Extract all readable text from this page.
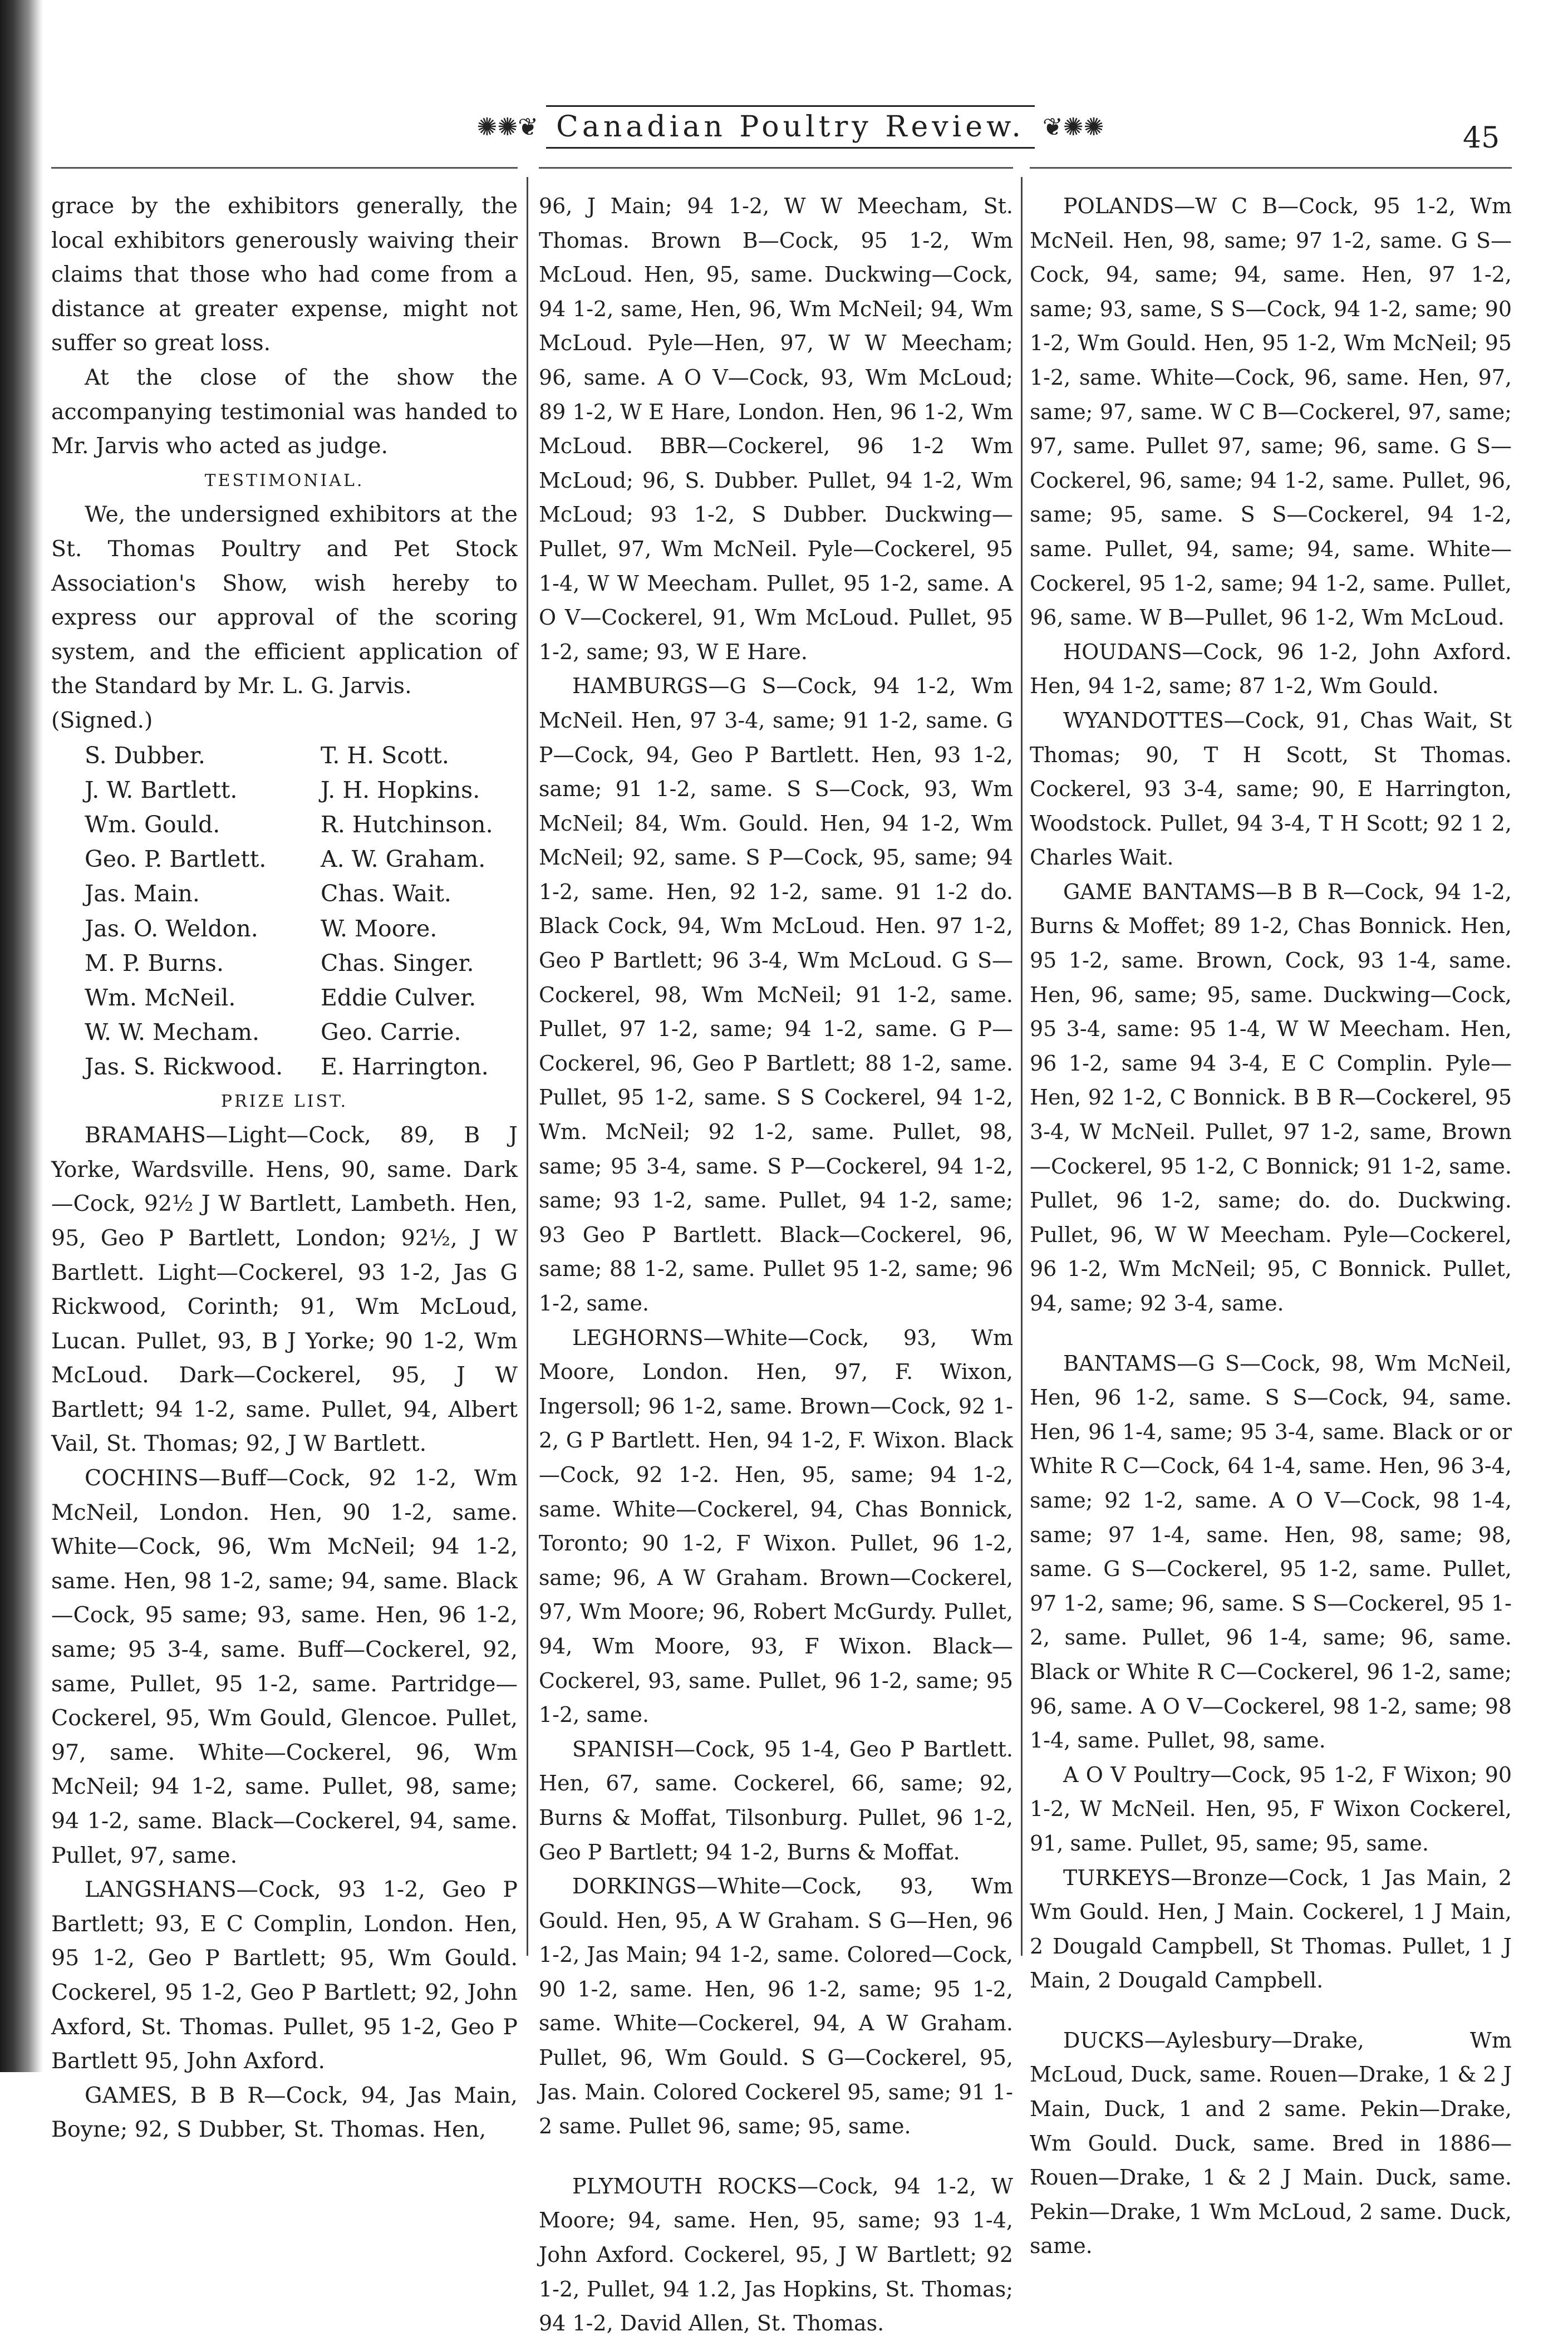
✺✺❦ Canadian Poultry Review. ❦✺✺	45

grace by the exhibitors generally, the local exhibitors generously waiving their claims that those who had come from a distance at greater expense, might not suffer so great loss.

At the close of the show the accompanying testimonial was handed to Mr. Jarvis who acted as judge.

TESTIMONIAL.

We, the undersigned exhibitors at the St. Thomas Poultry and Pet Stock Association's Show, wish hereby to express our approval of the scoring system, and the efficient application of the Standard by Mr. L. G. Jarvis.

(Signed.)

S. Dubber.	T. H. Scott.
J. W. Bartlett.	J. H. Hopkins.
Wm. Gould.	R. Hutchinson.
Geo. P. Bartlett.	A. W. Graham.
Jas. Main.	Chas. Wait.
Jas. O. Weldon.	W. Moore.
M. P. Burns.	Chas. Singer.
Wm. McNeil.	Eddie Culver.
W. W. Mecham.	Geo. Carrie.
Jas. S. Rickwood.	E. Harrington.

PRIZE LIST.

BRAMAHS—Light—Cock, 89, B J Yorke, Wardsville. Hens, 90, same. Dark—Cock, 92½ J W Bartlett, Lambeth. Hen, 95, Geo P Bartlett, London; 92½, J W Bartlett. Light—Cockerel, 93 1-2, Jas G Rickwood, Corinth; 91, Wm McLoud, Lucan. Pullet, 93, B J Yorke; 90 1-2, Wm McLoud. Dark—Cockerel, 95, J W Bartlett; 94 1-2, same. Pullet, 94, Albert Vail, St. Thomas; 92, J W Bartlett.

COCHINS—Buff—Cock, 92 1-2, Wm McNeil, London. Hen, 90 1-2, same. White—Cock, 96, Wm McNeil; 94 1-2, same. Hen, 98 1-2, same; 94, same. Black—Cock, 95 same; 93, same. Hen, 96 1-2, same; 95 3-4, same. Buff—Cockerel, 92, same, Pullet, 95 1-2, same. Partridge—Cockerel, 95, Wm Gould, Glencoe. Pullet, 97, same. White—Cockerel, 96, Wm McNeil; 94 1-2, same. Pullet, 98, same; 94 1-2, same. Black—Cockerel, 94, same. Pullet, 97, same.

LANGSHANS—Cock, 93 1-2, Geo P Bartlett; 93, E C Complin, London. Hen, 95 1-2, Geo P Bartlett; 95, Wm Gould. Cockerel, 95 1-2, Geo P Bartlett; 92, John Axford, St. Thomas. Pullet, 95 1-2, Geo P Bartlett 95, John Axford.

GAMES, B B R—Cock, 94, Jas Main, Boyne; 92, S Dubber, St. Thomas. Hen,

96, J Main; 94 1-2, W W Meecham, St. Thomas. Brown B—Cock, 95 1-2, Wm McLoud. Hen, 95, same. Duckwing—Cock, 94 1-2, same, Hen, 96, Wm McNeil; 94, Wm McLoud. Pyle—Hen, 97, W W Meecham; 96, same. A O V—Cock, 93, Wm McLoud; 89 1-2, W E Hare, London. Hen, 96 1-2, Wm McLoud. BBR—Cockerel, 96 1-2 Wm McLoud; 96, S. Dubber. Pullet, 94 1-2, Wm McLoud; 93 1-2, S Dubber. Duckwing—Pullet, 97, Wm McNeil. Pyle—Cockerel, 95 1-4, W W Meecham. Pullet, 95 1-2, same. A O V—Cockerel, 91, Wm McLoud. Pullet, 95 1-2, same; 93, W E Hare.

HAMBURGS—G S—Cock, 94 1-2, Wm McNeil. Hen, 97 3-4, same; 91 1-2, same. G P—Cock, 94, Geo P Bartlett. Hen, 93 1-2, same; 91 1-2, same. S S—Cock, 93, Wm McNeil; 84, Wm. Gould. Hen, 94 1-2, Wm McNeil; 92, same. S P—Cock, 95, same; 94 1-2, same. Hen, 92 1-2, same. 91 1-2 do. Black Cock, 94, Wm McLoud. Hen. 97 1-2, Geo P Bartlett; 96 3-4, Wm McLoud. G S—Cockerel, 98, Wm McNeil; 91 1-2, same. Pullet, 97 1-2, same; 94 1-2, same. G P—Cockerel, 96, Geo P Bartlett; 88 1-2, same. Pullet, 95 1-2, same. S S Cockerel, 94 1-2, Wm. McNeil; 92 1-2, same. Pullet, 98, same; 95 3-4, same. S P—Cockerel, 94 1-2, same; 93 1-2, same. Pullet, 94 1-2, same; 93 Geo P Bartlett. Black—Cockerel, 96, same; 88 1-2, same. Pullet 95 1-2, same; 96 1-2, same.

LEGHORNS—White—Cock, 93, Wm Moore, London. Hen, 97, F. Wixon, Ingersoll; 96 1-2, same. Brown—Cock, 92 1-2, G P Bartlett. Hen, 94 1-2, F. Wixon. Black—Cock, 92 1-2. Hen, 95, same; 94 1-2, same. White—Cockerel, 94, Chas Bonnick, Toronto; 90 1-2, F Wixon. Pullet, 96 1-2, same; 96, A W Graham. Brown—Cockerel, 97, Wm Moore; 96, Robert McGurdy. Pullet, 94, Wm Moore, 93, F Wixon. Black—Cockerel, 93, same. Pullet, 96 1-2, same; 95 1-2, same.

SPANISH—Cock, 95 1-4, Geo P Bartlett. Hen, 67, same. Cockerel, 66, same; 92, Burns & Moffat, Tilsonburg. Pullet, 96 1-2, Geo P Bartlett; 94 1-2, Burns & Moffat.

DORKINGS—White—Cock, 93, Wm Gould. Hen, 95, A W Graham. S G—Hen, 96 1-2, Jas Main; 94 1-2, same. Colored—Cock, 90 1-2, same. Hen, 96 1-2, same; 95 1-2, same. White—Cockerel, 94, A W Graham. Pullet, 96, Wm Gould. S G—Cockerel, 95, Jas. Main. Colored Cockerel 95, same; 91 1-2 same. Pullet 96, same; 95, same.

PLYMOUTH ROCKS—Cock, 94 1-2, W Moore; 94, same. Hen, 95, same; 93 1-4, John Axford. Cockerel, 95, J W Bartlett; 92 1-2, Pullet, 94 1.2, Jas Hopkins, St. Thomas; 94 1-2, David Allen, St. Thomas.

POLANDS—W C B—Cock, 95 1-2, Wm McNeil. Hen, 98, same; 97 1-2, same. G S—Cock, 94, same; 94, same. Hen, 97 1-2, same; 93, same, S S—Cock, 94 1-2, same; 90 1-2, Wm Gould. Hen, 95 1-2, Wm McNeil; 95 1-2, same. White—Cock, 96, same. Hen, 97, same; 97, same. W C B—Cockerel, 97, same; 97, same. Pullet 97, same; 96, same. G S—Cockerel, 96, same; 94 1-2, same. Pullet, 96, same; 95, same. S S—Cockerel, 94 1-2, same. Pullet, 94, same; 94, same. White—Cockerel, 95 1-2, same; 94 1-2, same. Pullet, 96, same. W B—Pullet, 96 1-2, Wm McLoud.

HOUDANS—Cock, 96 1-2, John Axford. Hen, 94 1-2, same; 87 1-2, Wm Gould.

WYANDOTTES—Cock, 91, Chas Wait, St Thomas; 90, T H Scott, St Thomas. Cockerel, 93 3-4, same; 90, E Harrington, Woodstock. Pullet, 94 3-4, T H Scott; 92 1 2, Charles Wait.

GAME BANTAMS—B B R—Cock, 94 1-2, Burns & Moffet; 89 1-2, Chas Bonnick. Hen, 95 1-2, same. Brown, Cock, 93 1-4, same. Hen, 96, same; 95, same. Duckwing—Cock, 95 3-4, same: 95 1-4, W W Meecham. Hen, 96 1-2, same 94 3-4, E C Complin. Pyle—Hen, 92 1-2, C Bonnick. B B R—Cockerel, 95 3-4, W McNeil. Pullet, 97 1-2, same, Brown—Cockerel, 95 1-2, C Bonnick; 91 1-2, same. Pullet, 96 1-2, same; do. do. Duckwing. Pullet, 96, W W Meecham. Pyle—Cockerel, 96 1-2, Wm McNeil; 95, C Bonnick. Pullet, 94, same; 92 3-4, same.

BANTAMS—G S—Cock, 98, Wm McNeil, Hen, 96 1-2, same. S S—Cock, 94, same. Hen, 96 1-4, same; 95 3-4, same. Black or or White R C—Cock, 64 1-4, same. Hen, 96 3-4, same; 92 1-2, same. A O V—Cock, 98 1-4, same; 97 1-4, same. Hen, 98, same; 98, same. G S—Cockerel, 95 1-2, same. Pullet, 97 1-2, same; 96, same. S S—Cockerel, 95 1-2, same. Pullet, 96 1-4, same; 96, same. Black or White R C—Cockerel, 96 1-2, same; 96, same. A O V—Cockerel, 98 1-2, same; 98 1-4, same. Pullet, 98, same.

A O V Poultry—Cock, 95 1-2, F Wixon; 90 1-2, W McNeil. Hen, 95, F Wixon Cockerel, 91, same. Pullet, 95, same; 95, same.

TURKEYS—Bronze—Cock, 1 Jas Main, 2 Wm Gould. Hen, J Main. Cockerel, 1 J Main, 2 Dougald Campbell, St Thomas. Pullet, 1 J Main, 2 Dougald Campbell.

DUCKS—Aylesbury—Drake, Wm McLoud, Duck, same. Rouen—Drake, 1 & 2 J Main, Duck, 1 and 2 same. Pekin—Drake, Wm Gould. Duck, same. Bred in 1886—Rouen—Drake, 1 & 2 J Main. Duck, same. Pekin—Drake, 1 Wm McLoud, 2 same. Duck, same.
